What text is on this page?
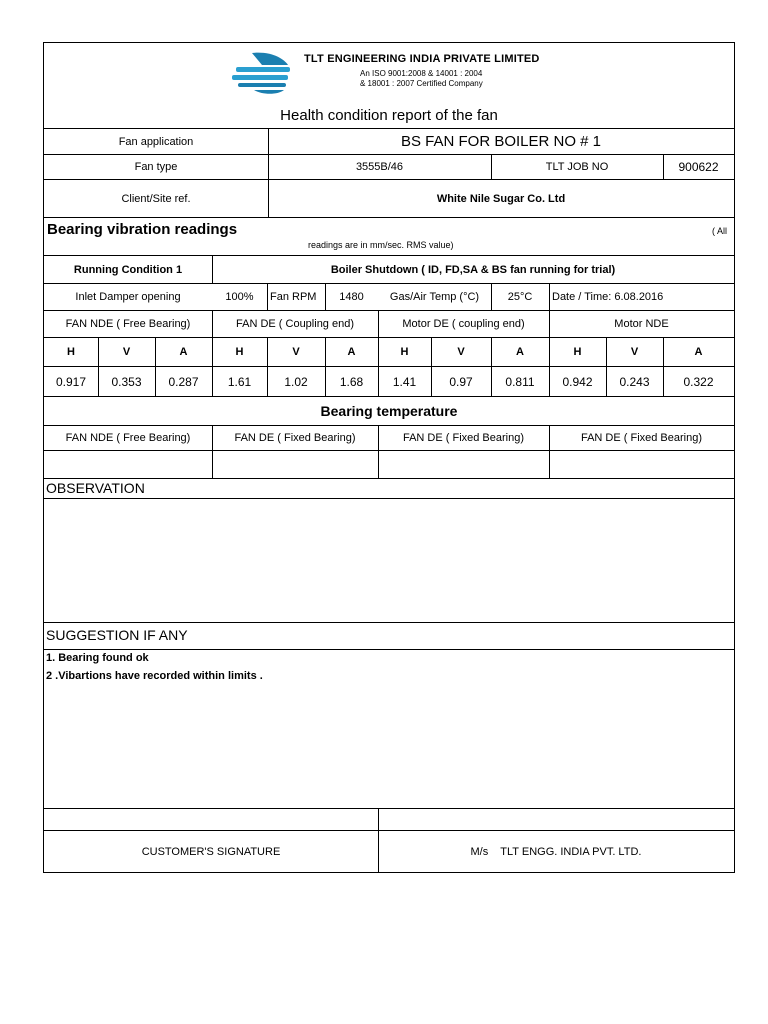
TLT ENGINEERING INDIA PRIVATE LIMITED
An ISO 9001:2008 & 14001 : 2004
& 18001 : 2007 Certified Company
Health condition report of the fan
Fan application	BS FAN FOR BOILER NO # 1
Fan type	3555B/46	TLT JOB NO	900622
Client/Site ref.	White Nile Sugar Co. Ltd
Bearing vibration readings	( All
readings are in mm/sec. RMS value)
Running Condition 1	Boiler Shutdown ( ID, FD,SA & BS fan running for trial)
Inlet Damper opening	100%	Fan RPM	1480	Gas/Air Temp (°C)	25°C	Date / Time: 6.08.2016
FAN NDE ( Free Bearing)	FAN DE ( Coupling end)	Motor DE ( coupling end)	Motor NDE
H	V	A	H	V	A	H	V	A	H	V	A
0.917	0.353	0.287	1.61	1.02	1.68	1.41	0.97	0.811	0.942	0.243	0.322
Bearing temperature
FAN NDE ( Free Bearing)	FAN DE ( Fixed Bearing)	FAN DE ( Fixed Bearing)	FAN DE ( Fixed Bearing)
OBSERVATION
SUGGESTION IF ANY
1. Bearing found ok
2 .Vibartions have recorded within limits .
CUSTOMER'S SIGNATURE	M/s    TLT ENGG. INDIA PVT. LTD.
